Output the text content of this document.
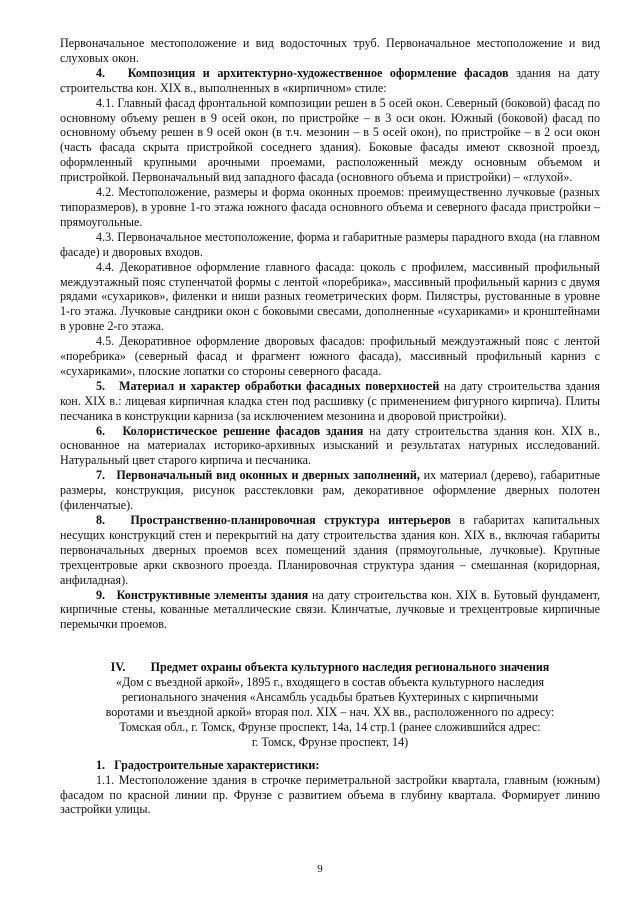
Первоначальное местоположение и вид водосточных труб. Первоначальное местоположение и вид слуховых окон.

4. Композиция и архитектурно-художественное оформление фасадов здания на дату строительства кон. XIX в., выполненных в «кирпичном» стиле:

4.1. Главный фасад фронтальной композиции решен в 5 осей окон. Северный (боковой) фасад по основному объему решен в 9 осей окон, по пристройке – в 3 оси окон. Южный (боковой) фасад по основному объему решен в 9 осей окон (в т.ч. мезонин – в 5 осей окон), по пристройке – в 2 оси окон (часть фасада скрыта пристройкой соседнего здания). Боковые фасады имеют сквозной проезд, оформленный крупными арочными проемами, расположенный между основным объемом и пристройкой. Первоначальный вид западного фасада (основного объема и пристройки) – «глухой».

4.2. Местоположение, размеры и форма оконных проемов: преимущественно лучковые (разных типоразмеров), в уровне 1-го этажа южного фасада основного объема и северного фасада пристройки – прямоугольные.

4.3. Первоначальное местоположение, форма и габаритные размеры парадного входа (на главном фасаде) и дворовых входов.

4.4. Декоративное оформление главного фасада: цоколь с профилем, массивный профильный междуэтажный пояс ступенчатой формы с лентой «поребрика», массивный профильный карниз с двумя рядами «сухариков», филенки и ниши разных геометрических форм. Пилястры, рустованные в уровне 1-го этажа. Лучковые сандрики окон с боковыми свесами, дополненные «сухариками» и кронштейнами в уровне 2-го этажа.

4.5. Декоративное оформление дворовых фасадов: профильный междуэтажный пояс с лентой «поребрика» (северный фасад и фрагмент южного фасада), массивный профильный карниз с «сухариками», плоские лопатки со стороны северного фасада.

5. Материал и характер обработки фасадных поверхностей на дату строительства здания кон. XIX в.: лицевая кирпичная кладка стен под расшивку (с применением фигурного кирпича). Плиты песчаника в конструкции карниза (за исключением мезонина и дворовой пристройки).

6. Колористическое решение фасадов здания на дату строительства здания кон. XIX в., основанное на материалах историко-архивных изысканий и результатах натурных исследований. Натуральный цвет старого кирпича и песчаника.

7. Первоначальный вид оконных и дверных заполнений, их материал (дерево), габаритные размеры, конструкция, рисунок расстекловки рам, декоративное оформление дверных полотен (филенчатые).

8. Пространственно-планировочная структура интерьеров в габаритах капитальных несущих конструкций стен и перекрытий на дату строительства здания кон. XIX в., включая габариты первоначальных дверных проемов всех помещений здания (прямоугольные, лучковые). Крупные трехцентровые арки сквозного проезда. Планировочная структура здания – смешанная (коридорная, анфиладная).

9. Конструктивные элементы здания на дату строительства кон. XIX в. Бутовый фундамент, кирпичные стены, кованные металлические связи. Клинчатые, лучковые и трехцентровые кирпичные перемычки проемов.

IV. Предмет охраны объекта культурного наследия регионального значения

«Дом с въездной аркой», 1895 г., входящего в состав объекта культурного наследия

регионального значения «Ансамбль усадьбы братьев Кухтериных с кирпичными

воротами и въездной аркой» вторая пол. XIX – нач. XX вв., расположенного по адресу:

Томская обл., г. Томск, Фрунзе проспект, 14а, 14 стр.1 (ранее сложившийся адрес:

г. Томск, Фрунзе проспект, 14)

1. Градостроительные характеристики:

1.1. Местоположение здания в строчке периметральной застройки квартала, главным (южным) фасадом по красной линии пр. Фрунзе с развитием объема в глубину квартала. Формирует линию застройки улицы.

9
